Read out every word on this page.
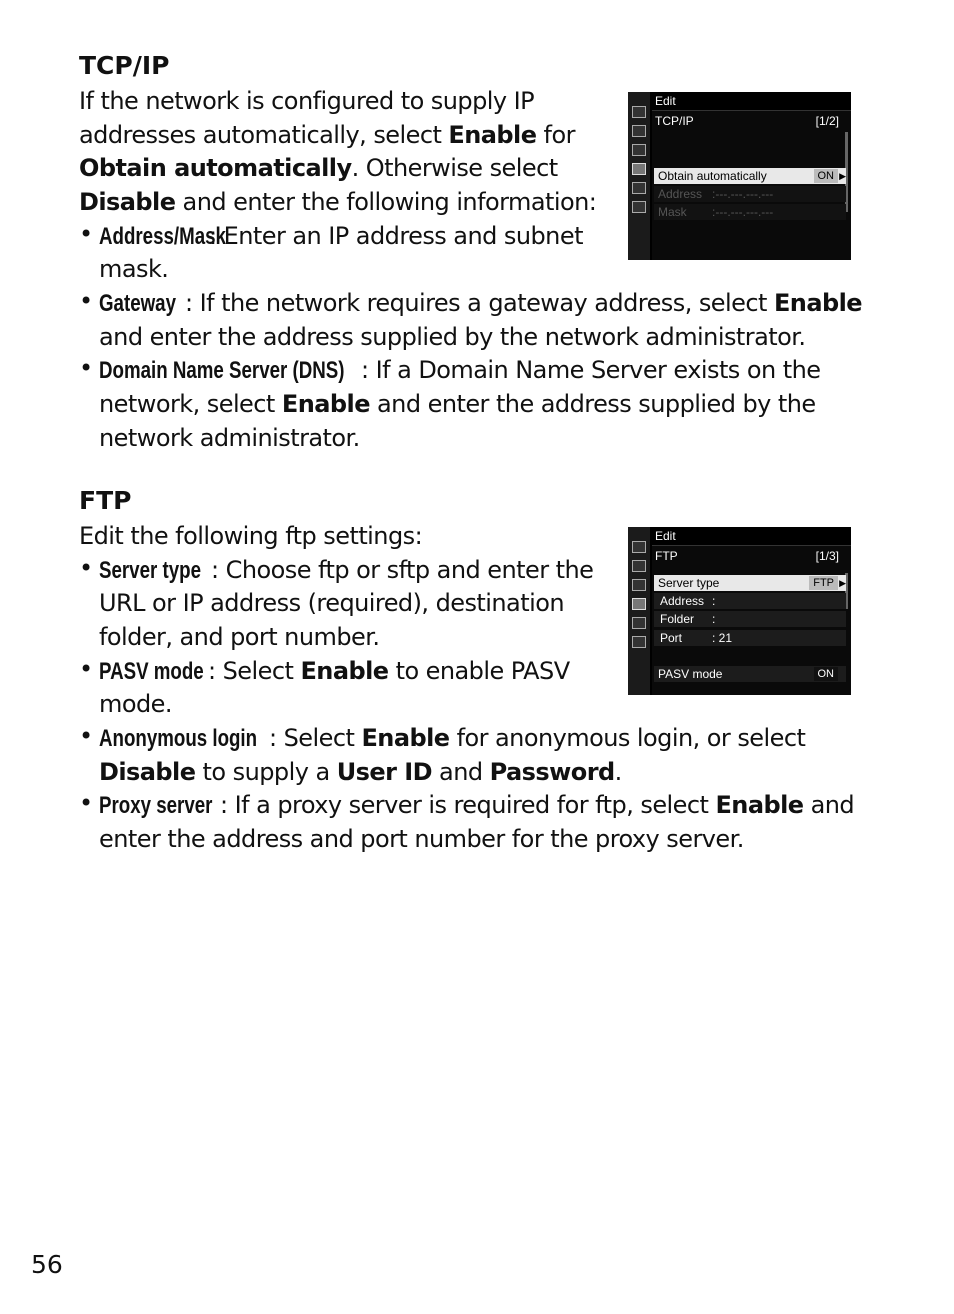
TCP/IP

If the network is configured to supply IP

addresses automatically, select Enable for

Obtain automatically. Otherwise select

Disable and enter the following information:

• Address/Mask: Enter an IP address and subnet

mask.

• Gateway : If the network requires a gateway address, select Enable

and enter the address supplied by the network administrator.

• Domain Name Server (DNS) : If a Domain Name Server exists on the

network, select Enable and enter the address supplied by the

network administrator.

Edit
TCP/IP	[1/2]
Obtain automatically	ON ▶
Address :---.---.---.---
Mask :---.---.---.---
FTP

Edit the following ftp settings:

• Server type : Choose ftp or sftp and enter the

URL or IP address (required), destination

folder, and port number.

• PASV mode : Select Enable to enable PASV

mode.

• Anonymous login : Select Enable for anonymous login, or select

Disable to supply a User ID and Password.

• Proxy server : If a proxy server is required for ftp, select Enable and

enter the address and port number for the proxy server.

Edit
FTP	[1/3]
Server type	FTP ▶
Address :
Folder :
Port : 21
PASV mode	ON
56
